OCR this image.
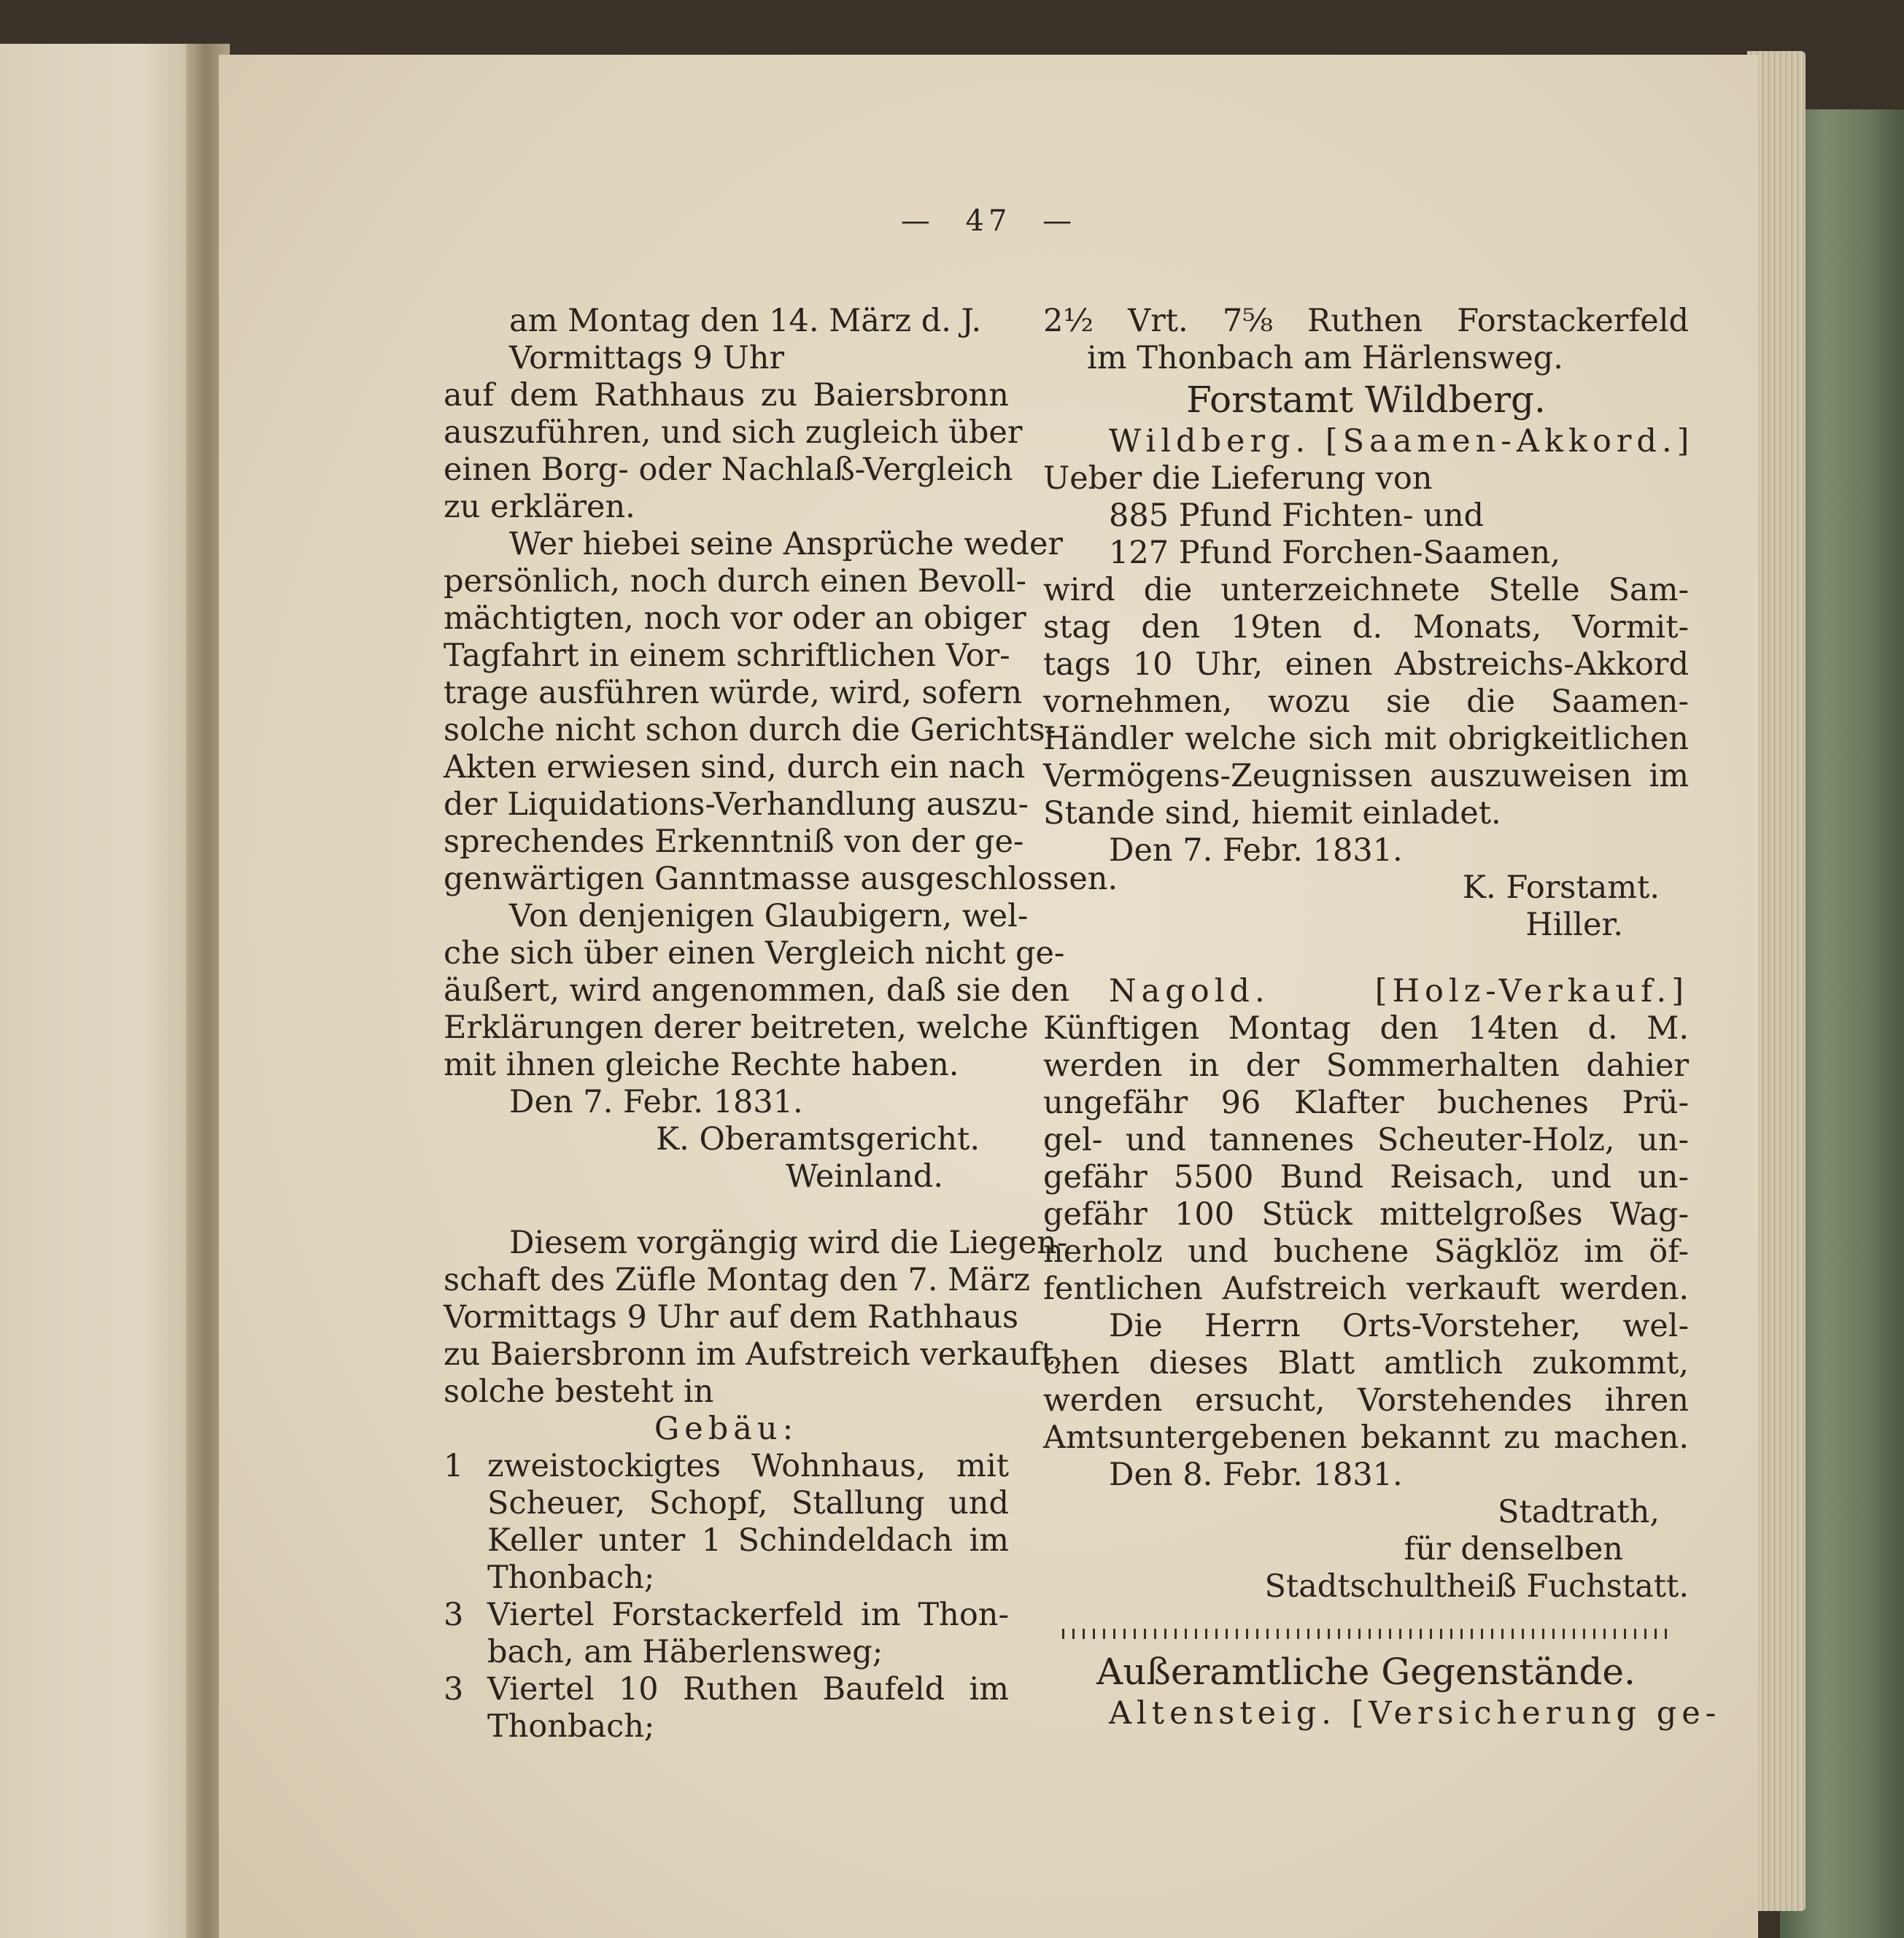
— 47 —
am Montag den 14. März d. J.
Vormittags 9 Uhr
auf dem Rathhaus zu Baiersbronn
auszuführen, und sich zugleich über
einen Borg- oder Nachlaß-Vergleich
zu erklären.
Wer hiebei seine Ansprüche weder
persönlich, noch durch einen Bevoll-
mächtigten, noch vor oder an obiger
Tagfahrt in einem schriftlichen Vor-
trage ausführen würde, wird, sofern
solche nicht schon durch die Gerichts-
Akten erwiesen sind, durch ein nach
der Liquidations-Verhandlung auszu-
sprechendes Erkenntniß von der ge-
genwärtigen Ganntmasse ausgeschlossen.
Von denjenigen Glaubigern, wel-
che sich über einen Vergleich nicht ge-
äußert, wird angenommen, daß sie den
Erklärungen derer beitreten, welche
mit ihnen gleiche Rechte haben.
Den 7. Febr. 1831.
K. Oberamtsgericht.
Weinland.
Diesem vorgängig wird die Liegen-
schaft des Züfle Montag den 7. März
Vormittags 9 Uhr auf dem Rathhaus
zu Baiersbronn im Aufstreich verkauft,
solche besteht in
Gebäu:
1 zweistockigtes Wohnhaus, mit
Scheuer, Schopf, Stallung und
Keller unter 1 Schindeldach im
Thonbach;
3 Viertel Forstackerfeld im Thon-
bach, am Häberlensweg;
3 Viertel 10 Ruthen Baufeld im
Thonbach;
2½ Vrt. 7⅝ Ruthen Forstackerfeld
im Thonbach am Härlensweg.
Forstamt Wildberg.
Wildberg. [Saamen-Akkord.]
Ueber die Lieferung von
885 Pfund Fichten- und
127 Pfund Forchen-Saamen,
wird die unterzeichnete Stelle Sam-
stag den 19ten d. Monats, Vormit-
tags 10 Uhr, einen Abstreichs-Akkord
vornehmen, wozu sie die Saamen-
Händler welche sich mit obrigkeitlichen
Vermögens-Zeugnissen auszuweisen im
Stande sind, hiemit einladet.
Den 7. Febr. 1831.
K. Forstamt.
Hiller.
Nagold. [Holz-Verkauf.]
Künftigen Montag den 14ten d. M.
werden in der Sommerhalten dahier
ungefähr 96 Klafter buchenes Prü-
gel- und tannenes Scheuter-Holz, un-
gefähr 5500 Bund Reisach, und un-
gefähr 100 Stück mittelgroßes Wag-
nerholz und buchene Sägklöz im öf-
fentlichen Aufstreich verkauft werden.
Die Herrn Orts-Vorsteher, wel-
chen dieses Blatt amtlich zukommt,
werden ersucht, Vorstehendes ihren
Amtsuntergebenen bekannt zu machen.
Den 8. Febr. 1831.
Stadtrath,
für denselben
Stadtschultheiß Fuchstatt.
Außeramtliche Gegenstände.
Altensteig. [Versicherung ge-
